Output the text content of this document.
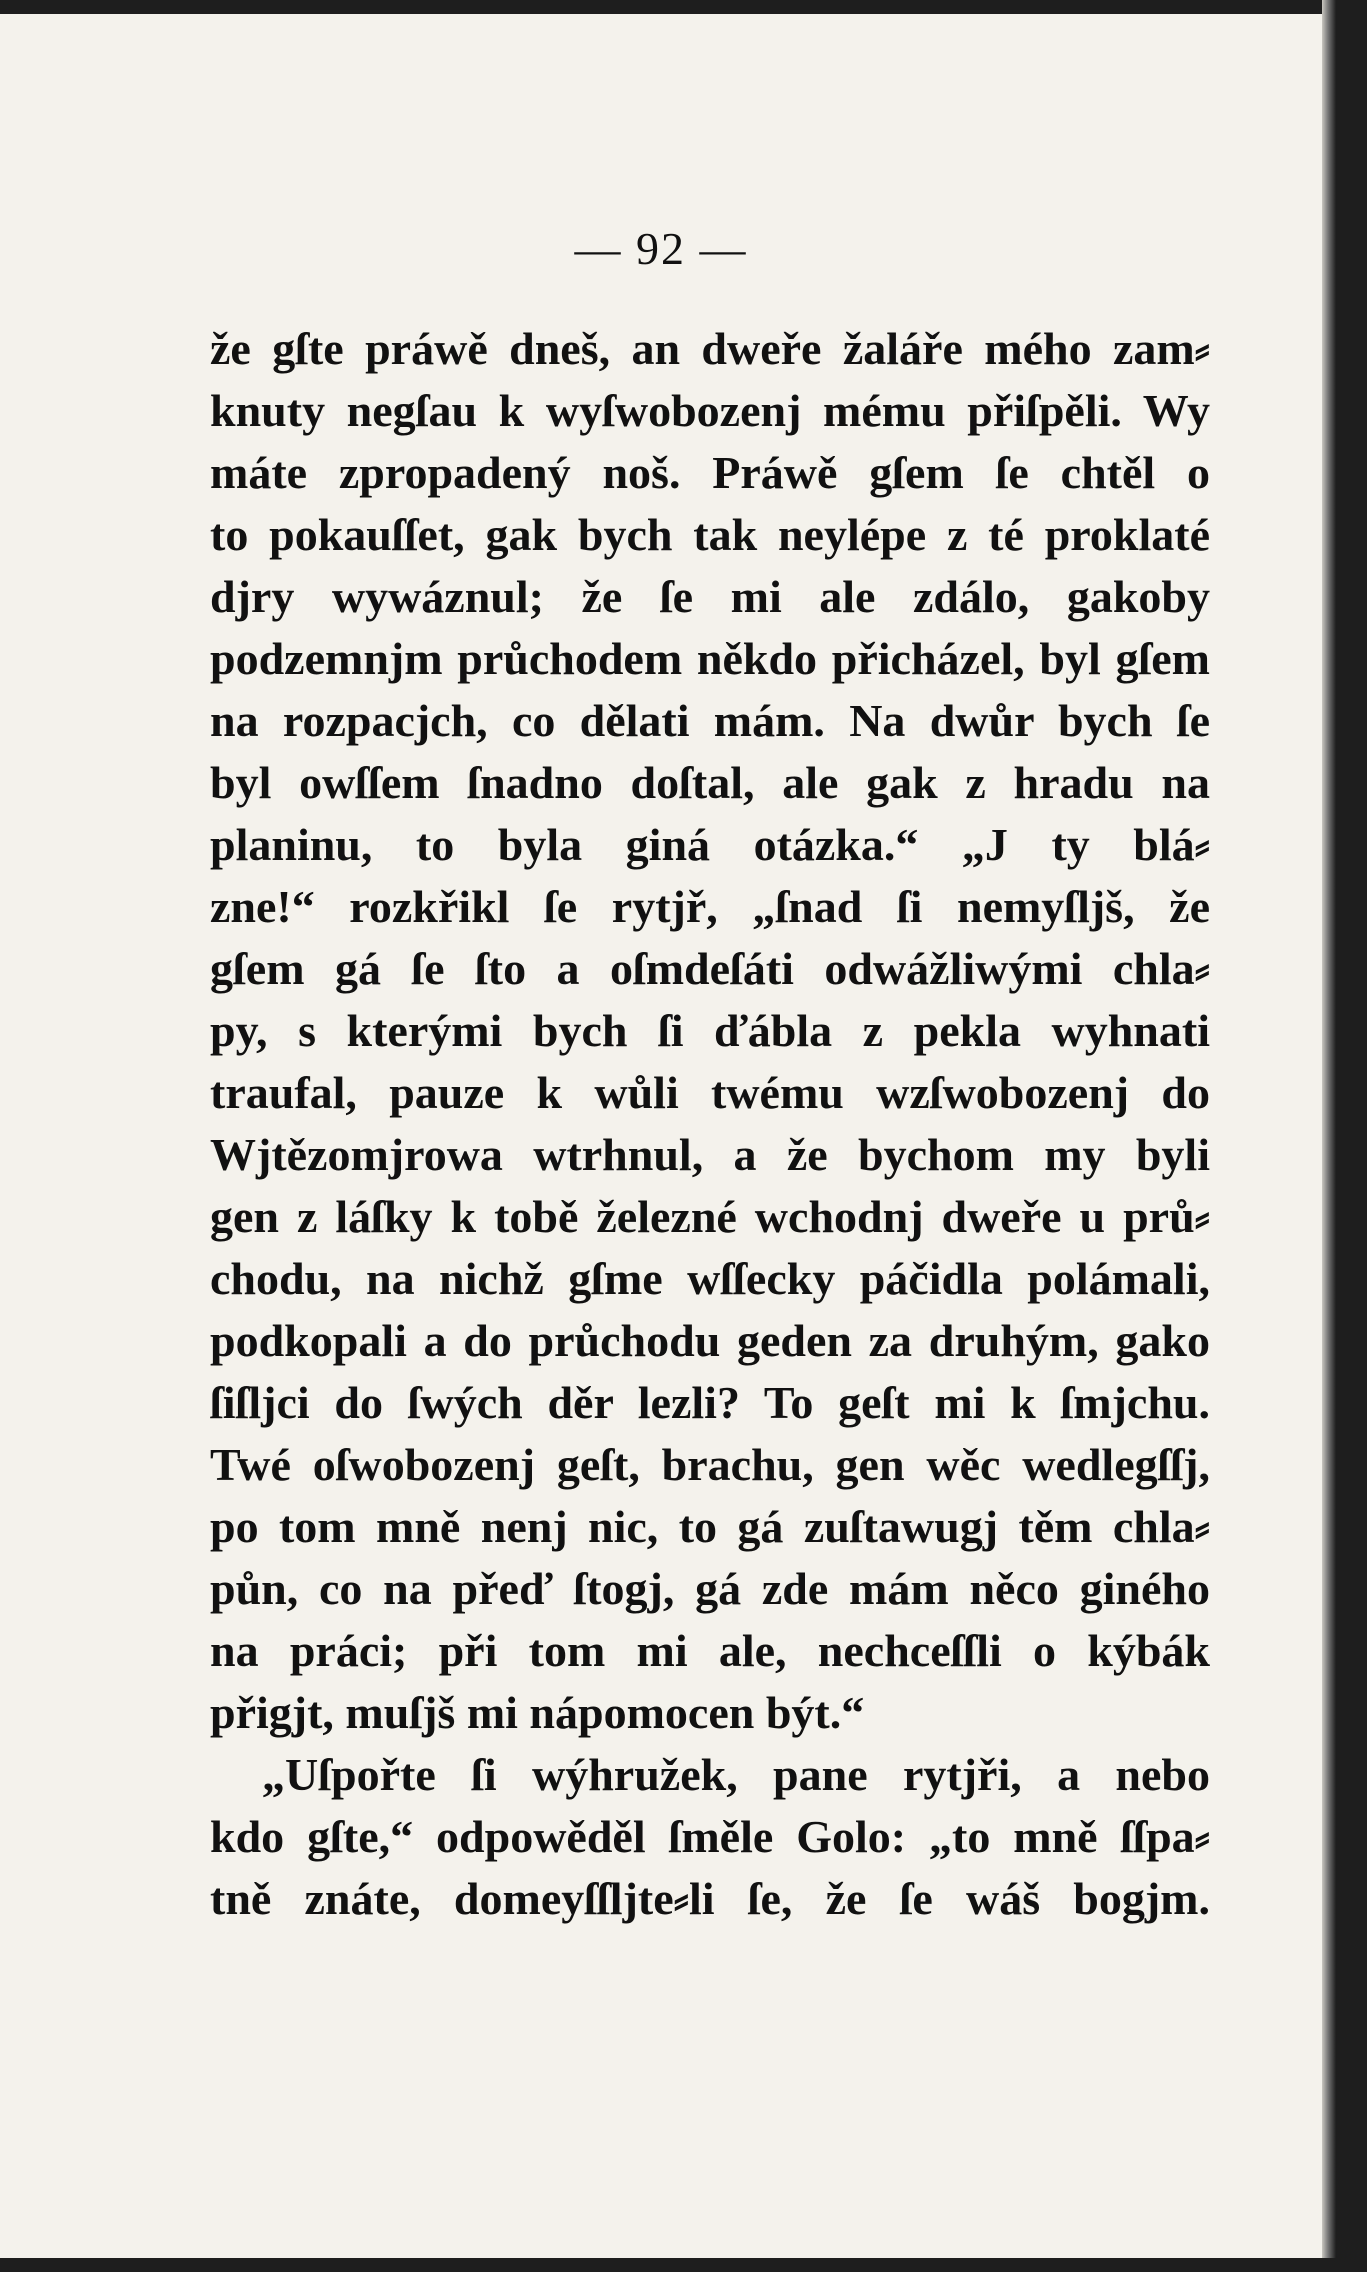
— 92 —
že gſte práwě dneš, an dweře žaláře mého zam⸗
knuty negſau k wyſwobozenj mému přiſpěli. Wy
máte zpropadený noš. Práwě gſem ſe chtěl o
to pokauſſet, gak bych tak neylépe z té proklaté
djry wywáznul; že ſe mi ale zdálo, gakoby
podzemnjm průchodem někdo přicházel, byl gſem
na rozpacjch, co dělati mám. Na dwůr bych ſe
byl owſſem ſnadno doſtal, ale gak z hradu na
planinu, to byla giná otázka.“ „J ty blá⸗
zne!“ rozkřikl ſe rytjř, „ſnad ſi nemyſljš, že
gſem gá ſe ſto a oſmdeſáti odwážliwými chla⸗
py, s kterými bych ſi ďábla z pekla wyhnati
traufal, pauze k wůli twému wzſwobozenj do
Wjtězomjrowa wtrhnul, a že bychom my byli
gen z láſky k tobě železné wchodnj dweře u prů⸗
chodu, na nichž gſme wſſecky páčidla polámali,
podkopali a do průchodu geden za druhým, gako
ſiſljci do ſwých děr lezli? To geſt mi k ſmjchu.
Twé oſwobozenj geſt, brachu, gen wěc wedlegſſj,
po tom mně nenj nic, to gá zuſtawugj těm chla⸗
půn, co na přeď ſtogj, gá zde mám něco giného
na práci; při tom mi ale, nechceſſli o kýbák
přigjt, muſjš mi nápomocen být.“
„Uſpořte ſi wýhružek, pane rytjři, a nebo
kdo gſte,“ odpowěděl ſměle Golo: „to mně ſſpa⸗
tně znáte, domeyſſljte⸗li ſe, že ſe wáš bogjm.
